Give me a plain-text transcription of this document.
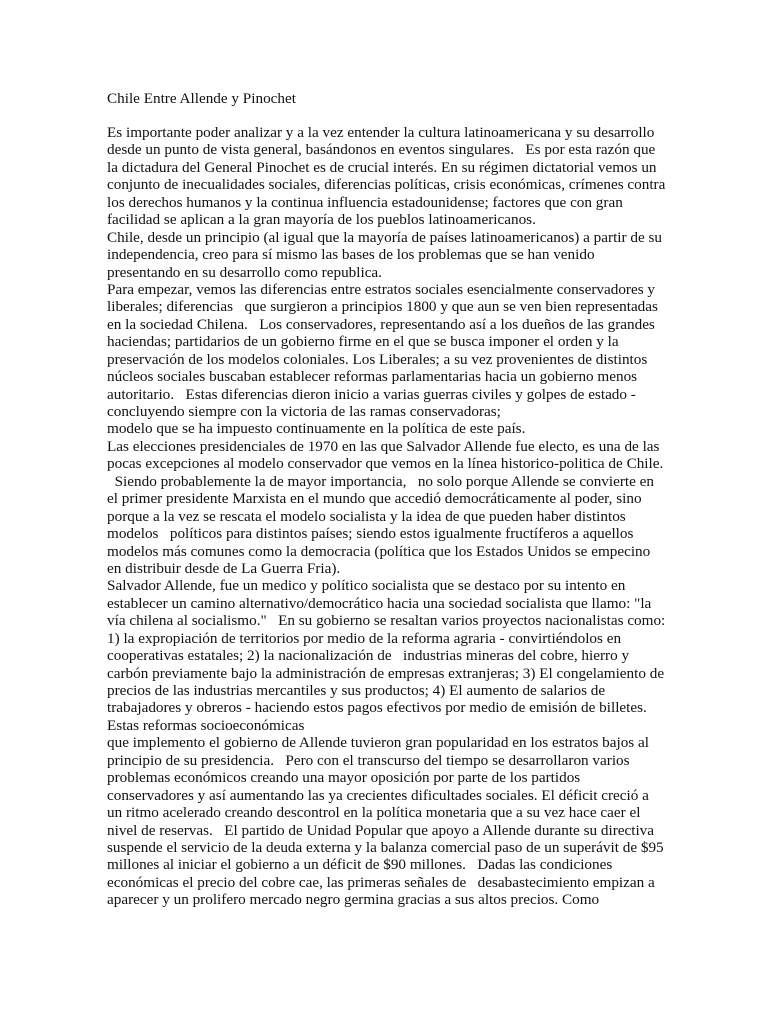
Chile Entre Allende y Pinochet
Es importante poder analizar y a la vez entender la cultura latinoamericana y su desarrollo
desde un punto de vista general, basándonos en eventos singulares.   Es por esta razón que
la dictadura del General Pinochet es de crucial interés. En su régimen dictatorial vemos un
conjunto de inecualidades sociales, diferencias políticas, crisis económicas, crímenes contra
los derechos humanos y la continua influencia estadounidense; factores que con gran
facilidad se aplican a la gran mayoría de los pueblos latinoamericanos.
Chile, desde un principio (al igual que la mayoría de países latinoamericanos) a partir de su
independencia, creo para sí mismo las bases de los problemas que se han venido
presentando en su desarrollo como republica.
Para empezar, vemos las diferencias entre estratos sociales esencialmente conservadores y
liberales; diferencias   que surgieron a principios 1800 y que aun se ven bien representadas
en la sociedad Chilena.   Los conservadores, representando así a los dueños de las grandes
haciendas; partidarios de un gobierno firme en el que se busca imponer el orden y la
preservación de los modelos coloniales. Los Liberales; a su vez provenientes de distintos
núcleos sociales buscaban establecer reformas parlamentarias hacia un gobierno menos
autoritario.   Estas diferencias dieron inicio a varias guerras civiles y golpes de estado -
concluyendo siempre con la victoria de las ramas conservadoras;
modelo que se ha impuesto continuamente en la política de este país.
Las elecciones presidenciales de 1970 en las que Salvador Allende fue electo, es una de las
pocas excepciones al modelo conservador que vemos en la línea historico-politica de Chile.
Siendo probablemente la de mayor importancia,   no solo porque Allende se convierte en
el primer presidente Marxista en el mundo que accedió democráticamente al poder, sino
porque a la vez se rescata el modelo socialista y la idea de que pueden haber distintos
modelos   políticos para distintos países; siendo estos igualmente fructíferos a aquellos
modelos más comunes como la democracia (política que los Estados Unidos se empecino
en distribuir desde de La Guerra Fria).
Salvador Allende, fue un medico y político socialista que se destaco por su intento en
establecer un camino alternativo/democrático hacia una sociedad socialista que llamo: "la
vía chilena al socialismo."   En su gobierno se resaltan varios proyectos nacionalistas como:
1) la expropiación de territorios por medio de la reforma agraria - convirtiéndolos en
cooperativas estatales; 2) la nacionalización de   industrias mineras del cobre, hierro y
carbón previamente bajo la administración de empresas extranjeras; 3) El congelamiento de
precios de las industrias mercantiles y sus productos; 4) El aumento de salarios de
trabajadores y obreros - haciendo estos pagos efectivos por medio de emisión de billetes.
Estas reformas socioeconómicas
que implemento el gobierno de Allende tuvieron gran popularidad en los estratos bajos al
principio de su presidencia.   Pero con el transcurso del tiempo se desarrollaron varios
problemas económicos creando una mayor oposición por parte de los partidos
conservadores y así aumentando las ya crecientes dificultades sociales. El déficit creció a
un ritmo acelerado creando descontrol en la política monetaria que a su vez hace caer el
nivel de reservas.   El partido de Unidad Popular que apoyo a Allende durante su directiva
suspende el servicio de la deuda externa y la balanza comercial paso de un superávit de $95
millones al iniciar el gobierno a un déficit de $90 millones.   Dadas las condiciones
económicas el precio del cobre cae, las primeras señales de   desabastecimiento empizan a
aparecer y un prolifero mercado negro germina gracias a sus altos precios. Como
